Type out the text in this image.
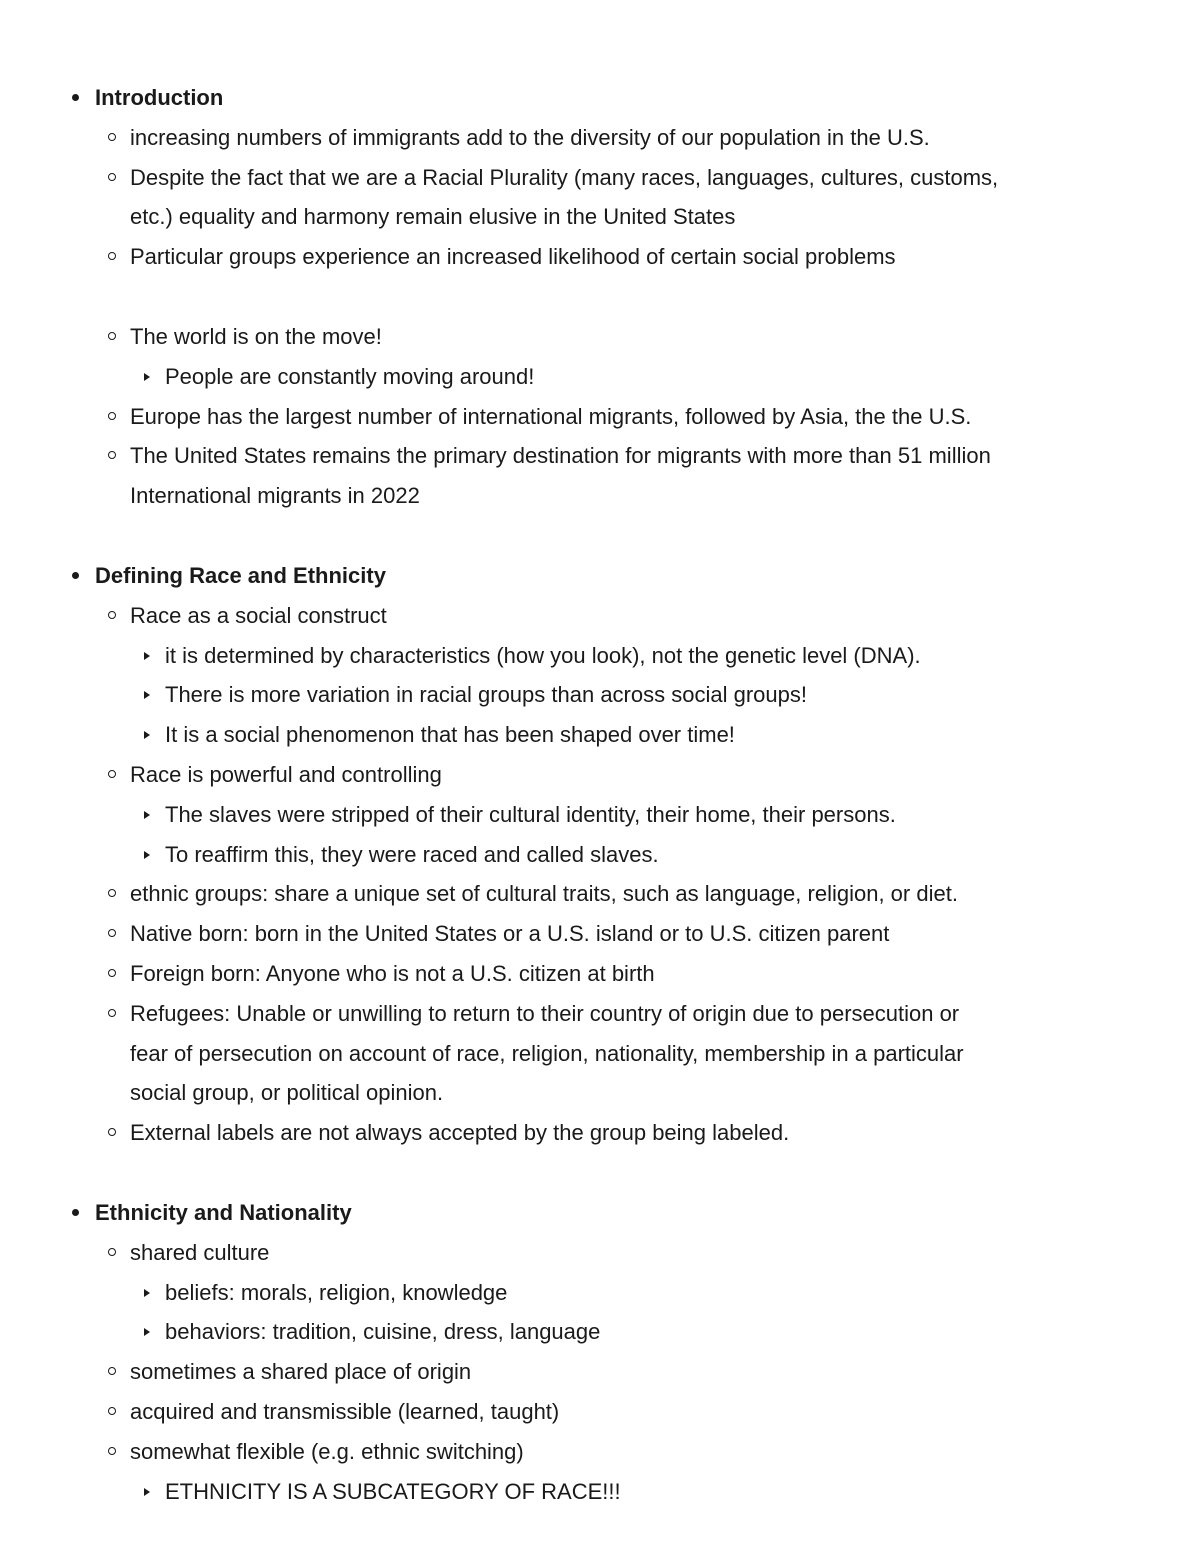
Introduction
increasing numbers of immigrants add to the diversity of our population in the U.S.
Despite the fact that we are a Racial Plurality (many races, languages, cultures, customs,
etc.) equality and harmony remain elusive in the United States
Particular groups experience an increased likelihood of certain social problems
The world is on the move!
People are constantly moving around!
Europe has the largest number of international migrants, followed by Asia, the the U.S.
The United States remains the primary destination for migrants with more than 51 million
International migrants in 2022
Defining Race and Ethnicity
Race as a social construct
it is determined by characteristics (how you look), not the genetic level (DNA).
There is more variation in racial groups than across social groups!
It is a social phenomenon that has been shaped over time!
Race is powerful and controlling
The slaves were stripped of their cultural identity, their home, their persons.
To reaffirm this, they were raced and called slaves.
ethnic groups: share a unique set of cultural traits, such as language, religion, or diet.
Native born: born in the United States or a U.S. island or to U.S. citizen parent
Foreign born: Anyone who is not a U.S. citizen at birth
Refugees: Unable or unwilling to return to their country of origin due to persecution or
fear of persecution on account of race, religion, nationality, membership in a particular
social group, or political opinion.
External labels are not always accepted by the group being labeled.
Ethnicity and Nationality
shared culture
beliefs: morals, religion, knowledge
behaviors: tradition, cuisine, dress, language
sometimes a shared place of origin
acquired and transmissible (learned, taught)
somewhat flexible (e.g. ethnic switching)
ETHNICITY IS A SUBCATEGORY OF RACE!!!
